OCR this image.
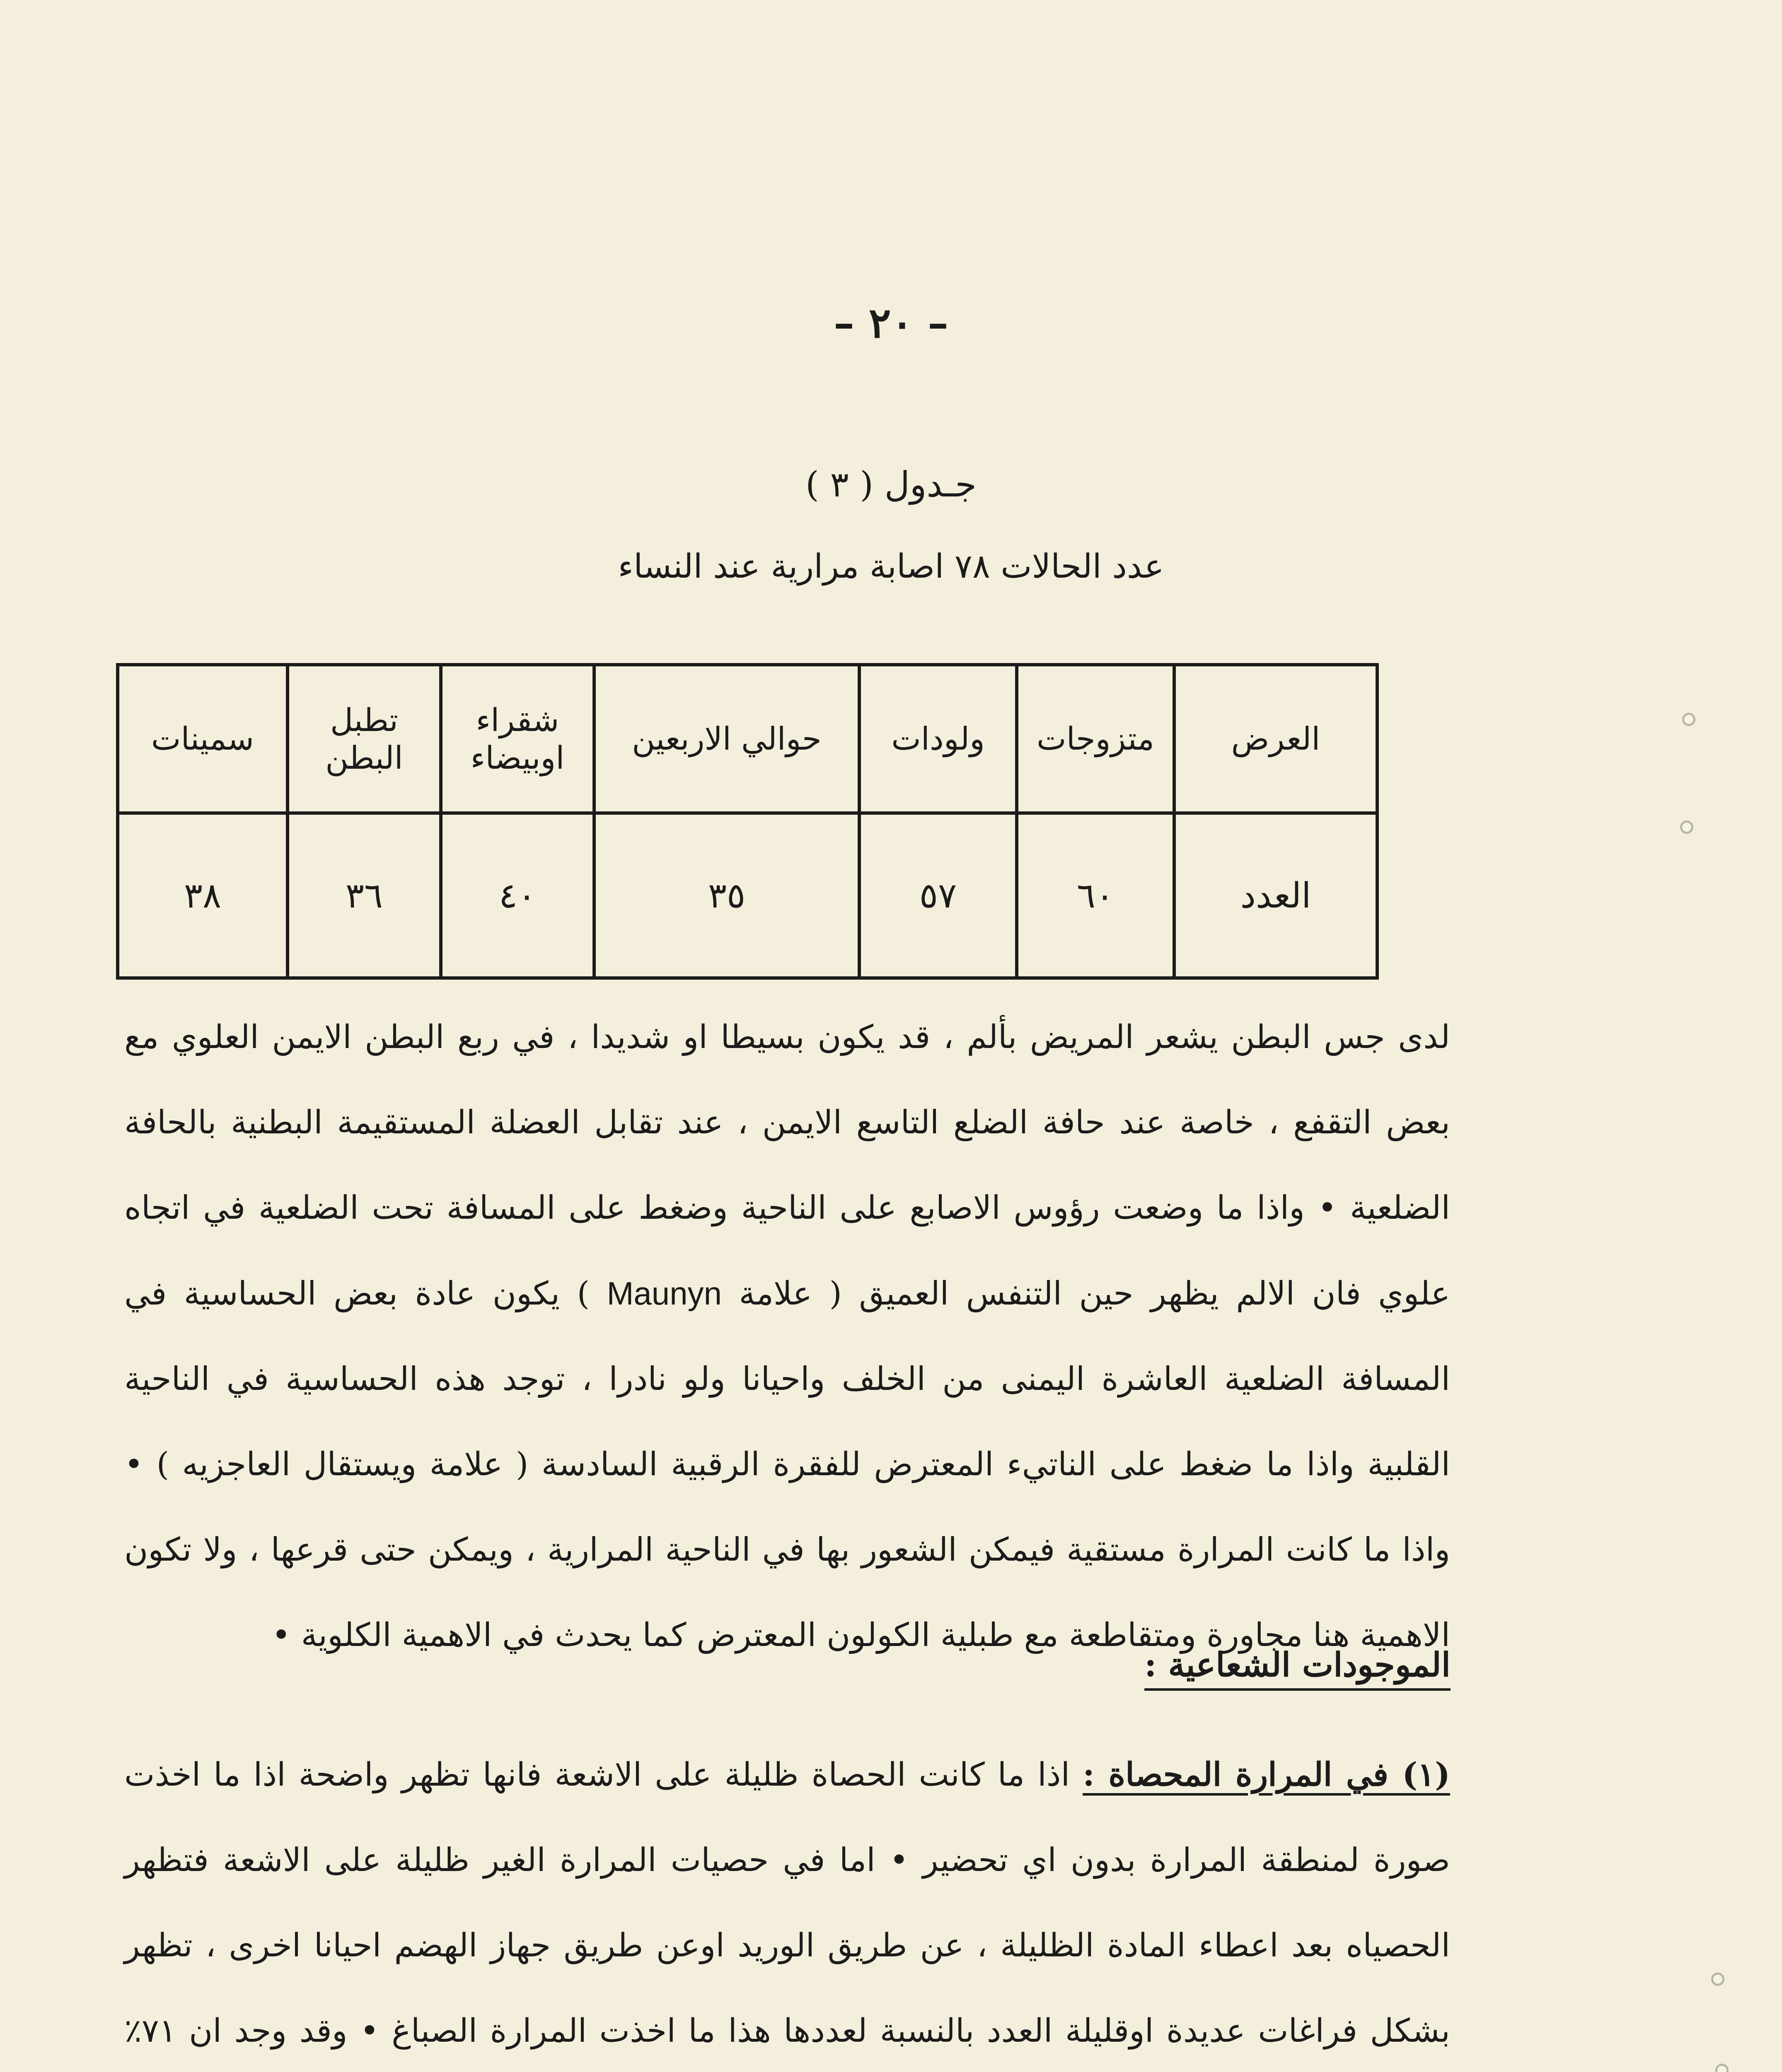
– ٢٠ –
جـدول ( ٣ )
عدد الحالات ٧٨ اصابة مرارية عند النساء
العرض	متزوجات	ولودات	حوالي الاربعين	شقراء اوبيضاء	تطبل البطن	سمينات
العدد	٦٠	٥٧	٣٥	٤٠	٣٦	٣٨

لدى جس البطن يشعر المريض بألم ، قد يكون بسيطا او شديدا ، في ربع البطن الايمن العلوي مع بعض التقفع ، خاصة عند حافة الضلع التاسع الايمن ، عند تقابل العضلة المستقيمة البطنية بالحافة الضلعية • واذا ما وضعت رؤوس الاصابع على الناحية وضغط على المسافة تحت الضلعية في اتجاه علوي فان الالم يظهر حين التنفس العميق ( علامة Maunyn ) يكون عادة بعض الحساسية في المسافة الضلعية العاشرة اليمنى من الخلف واحيانا ولو نادرا ، توجد هذه الحساسية في الناحية القلبية واذا ما ضغط على الناتيء المعترض للفقرة الرقبية السادسة ( علامة ويستقال العاجزيه ) • واذا ما كانت المرارة مستقية فيمكن الشعور بها في الناحية المرارية ، ويمكن حتى قرعها ، ولا تكون الاهمية هنا مجاورة ومتقاطعة مع طبلية الكولون المعترض كما يحدث في الاهمية الكلوية •

الموجودات الشعاعية :

(١) في المرارة المحصاة : اذا ما كانت الحصاة ظليلة على الاشعة فانها تظهر واضحة اذا ما اخذت صورة لمنطقة المرارة بدون اي تحضير • اما في حصيات المرارة الغير ظليلة على الاشعة فتظهر الحصياه بعد اعطاء المادة الظليلة ، عن طريق الوريد اوعن طريق جهاز الهضم احيانا اخرى ، تظهر بشكل فراغات عديدة اوقليلة العدد بالنسبة لعددها هذا ما اخذت المرارة الصباغ • وقد وجد ان ٧١٪
